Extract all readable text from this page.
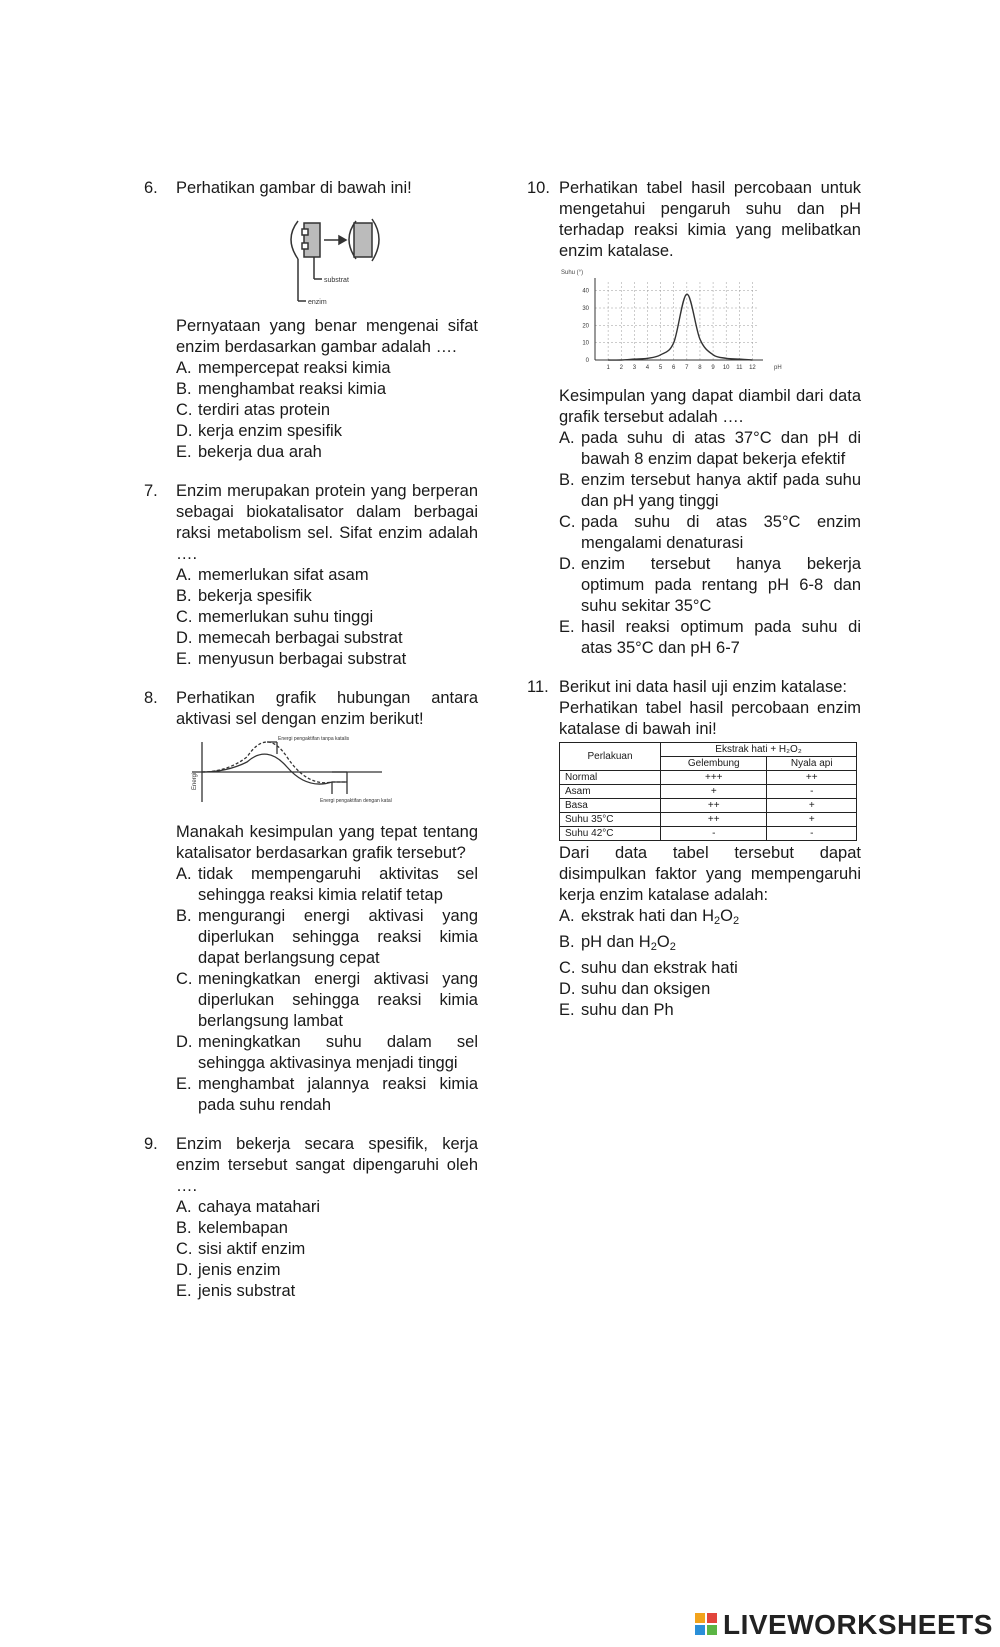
6. Perhatikan gambar di bawah ini!
substrat
enzim
Pernyataan yang benar mengenai sifat enzim berdasarkan gambar adalah ….
A. mempercepat reaksi kimia
B. menghambat reaksi kimia
C. terdiri atas protein
D. kerja enzim spesifik
E. bekerja dua arah
7. Enzim merupakan protein yang berperan sebagai biokatalisator dalam berbagai raksi metabolism sel. Sifat enzim adalah ….
A. memerlukan sifat asam
B. bekerja spesifik
C. memerlukan suhu tinggi
D. memecah berbagai substrat
E. menyusun berbagai substrat
8. Perhatikan grafik hubungan antara aktivasi sel dengan enzim berikut!
Energi
Energi pengaktifan tanpa katalis
Energi pengaktifan dengan katalis
Manakah kesimpulan yang tepat tentang katalisator berdasarkan grafik tersebut?
A. tidak mempengaruhi aktivitas sel sehingga reaksi kimia relatif tetap
B. mengurangi energi aktivasi yang diperlukan sehingga reaksi kimia dapat berlangsung cepat
C. meningkatkan energi aktivasi yang diperlukan sehingga reaksi kimia berlangsung lambat
D. meningkatkan suhu dalam sel sehingga aktivasinya menjadi tinggi
E. menghambat jalannya reaksi kimia pada suhu rendah
9. Enzim bekerja secara spesifik, kerja enzim tersebut sangat dipengaruhi oleh ….
A. cahaya matahari
B. kelembapan
C. sisi aktif enzim
D. jenis enzim
E. jenis substrat
10. Perhatikan tabel hasil percobaan untuk mengetahui pengaruh suhu dan pH terhadap reaksi kimia yang melibatkan enzim katalase.
Suhu (°)
pH
1 2 3 4 5 6 7 8 9 10 11 12
0
10
20
30
40
Kesimpulan yang dapat diambil dari data grafik tersebut adalah ….
A. pada suhu di atas 37°C dan pH di bawah 8 enzim dapat bekerja efektif
B. enzim tersebut hanya aktif pada suhu dan pH yang tinggi
C. pada suhu di atas 35°C enzim mengalami denaturasi
D. enzim tersebut hanya bekerja optimum pada rentang pH 6-8 dan suhu sekitar 35°C
E. hasil reaksi optimum pada suhu di atas 35°C dan pH 6-7
11. Berikut ini data hasil uji enzim katalase:
Perhatikan tabel hasil percobaan enzim katalase di bawah ini!
Perlakuan	Ekstrak hati + H₂O₂	
	Gelembung	Nyala api
Normal	+++	++
Asam	+	-
Basa	++	+
Suhu 35°C	++	+
Suhu 42°C	-	-
Dari data tabel tersebut dapat disimpulkan faktor yang mempengaruhi kerja enzim katalase adalah:
A. ekstrak hati dan $H_2O_2$
B. pH dan $H_2O_2$
C. suhu dan ekstrak hati
D. suhu dan oksigen
E. suhu dan Ph
LIVEWORKSHEETS
